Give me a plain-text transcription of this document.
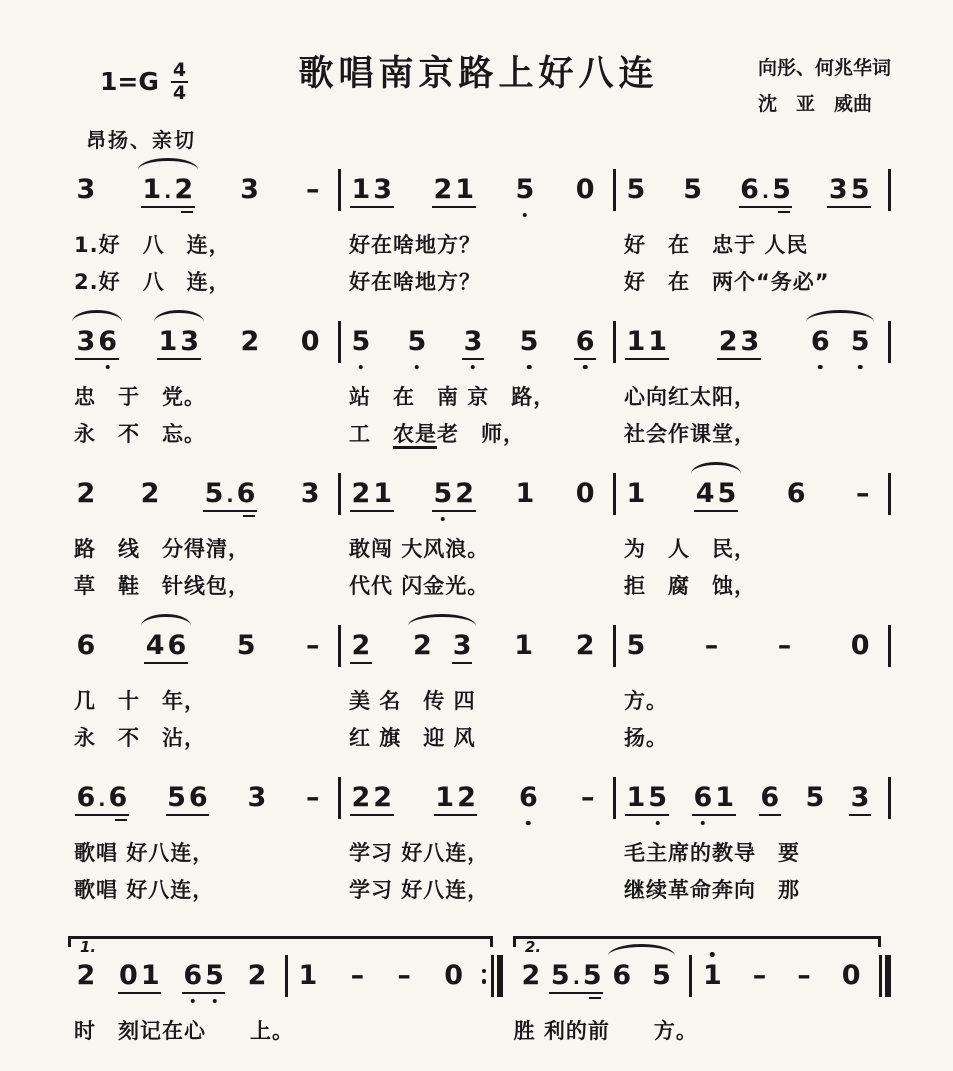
$1=G \frac{4}{4}$	歌唱南京路上好八连	向彤、何兆华词
沈　亚　威曲
昂扬、亲切
3 1 . 2 3 – 1 3 2 1 5 0 5 5 6 . 5 3 5
1.好　八　连，	好在啥地方？	好　在　忠于 人民
2.好　八　连，	好在啥地方？	好　在　两个“务必”
3 6 1 3 2 0 5 5 3 5 6 1 1 2 3 6 5
忠　于　党。	站　在　南 京　路，	心向红太阳，
永　不　忘。	工　农是老　师，	社会作课堂，
2 2 5 . 6 3 2 1 5 2 1 0 1 4 5 6 –
路　线　分得清，	敢闯 大风浪。	为　人　民，
草　鞋　针线包，	代代 闪金光。	拒　腐　蚀，
6 4 6 5 – 2 2 3 1 2 5 – – 0
几　十　年，	美 名　传 四	方。
永　不　沾，	红 旗　迎 风	扬。
6 . 6 5 6 3 – 2 2 1 2 6 – 1 5 6 1 6 5 3
歌唱 好八连，	学习 好八连，	毛主席的教导　要
歌唱 好八连，	学习 好八连，	继续革命奔向　那
1.
2 0 1 6 5 2 1 – – 0
2.
2 5 . 5 6 5 1 – – 0
时　刻记在心　　上。	胜 利的前　　方。
